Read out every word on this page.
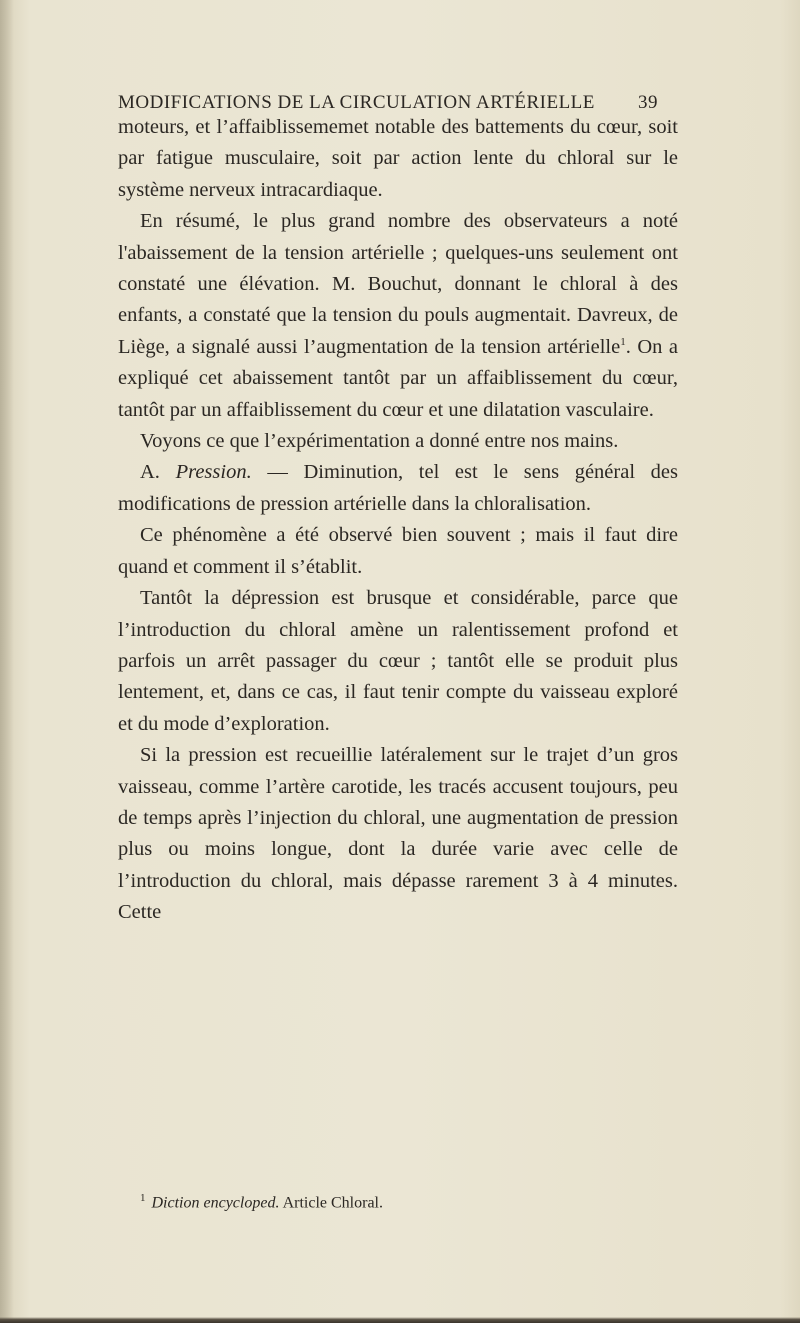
MODIFICATIONS DE LA CIRCULATION ARTÉRIELLE 39

moteurs, et l’affaiblissememet notable des battements du cœur, soit par fatigue musculaire, soit par action lente du chloral sur le système nerveux intracardiaque.

En résumé, le plus grand nombre des observateurs a noté l'abaissement de la tension artérielle ; quelques-uns seulement ont constaté une élévation. M. Bouchut, donnant le chloral à des enfants, a constaté que la tension du pouls augmentait. Davreux, de Liège, a signalé aussi l’augmentation de la tension artérielle$^1$. On a expliqué cet abaissement tantôt par un affaiblissement du cœur, tantôt par un affaiblissement du cœur et une dilatation vasculaire.

Voyons ce que l’expérimentation a donné entre nos mains.

A. Pression. — Diminution, tel est le sens général des modifications de pression artérielle dans la chloralisation.

Ce phénomène a été observé bien souvent ; mais il faut dire quand et comment il s’établit.

Tantôt la dépression est brusque et considérable, parce que l’introduction du chloral amène un ralentissement profond et parfois un arrêt passager du cœur ; tantôt elle se produit plus lentement, et, dans ce cas, il faut tenir compte du vaisseau exploré et du mode d’exploration.

Si la pression est recueillie latéralement sur le trajet d’un gros vaisseau, comme l’artère carotide, les tracés accusent toujours, peu de temps après l’injection du chloral, une augmentation de pression plus ou moins longue, dont la durée varie avec celle de l’introduction du chloral, mais dépasse rarement 3 à 4 minutes. Cette

$^1$ Diction encycloped. Article Chloral.
